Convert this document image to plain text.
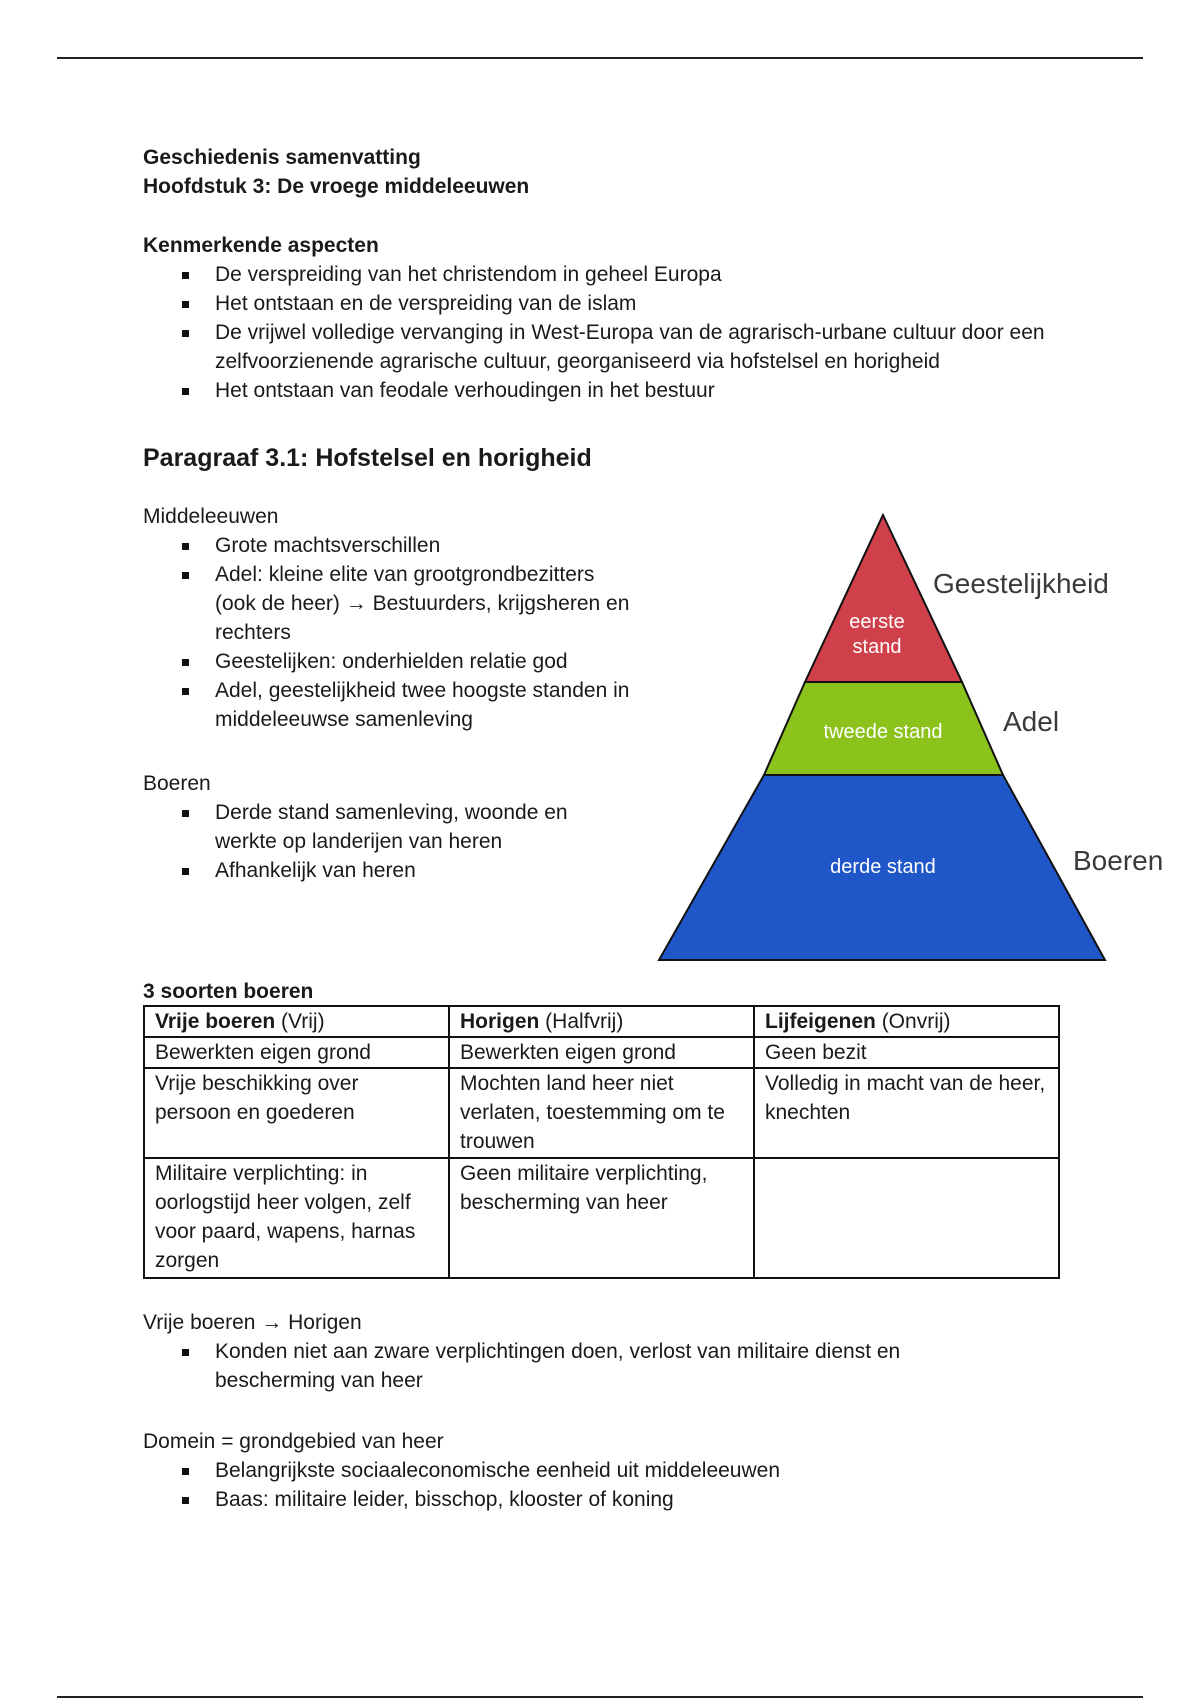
Geschiedenis samenvatting
Hoofdstuk 3: De vroege middeleeuwen
Kenmerkende aspecten
De verspreiding van het christendom in geheel Europa
Het ontstaan en de verspreiding van de islam
De vrijwel volledige vervanging in West-Europa van de agrarisch-urbane cultuur door een zelfvoorzienende agrarische cultuur, georganiseerd via hofstelsel en horigheid
Het ontstaan van feodale verhoudingen in het bestuur
Paragraaf 3.1: Hofstelsel en horigheid
Middeleeuwen
Grote machtsverschillen
Adel: kleine elite van grootgrondbezitters (ook de heer) → Bestuurders, krijgsheren en rechters
Geestelijken: onderhielden relatie god
Adel, geestelijkheid twee hoogste standen in middeleeuwse samenleving
Boeren
Derde stand samenleving, woonde en werkte op landerijen van heren
Afhankelijk van heren
eerste
stand
tweede stand
derde stand
Geestelijkheid
Adel
Boeren
3 soorten boeren
Vrije boeren (Vrij)	Horigen (Halfvrij)	Lijfeigenen (Onvrij)
Bewerkten eigen grond	Bewerkten eigen grond	Geen bezit
Vrije beschikking over persoon en goederen	Mochten land heer niet verlaten, toestemming om te trouwen	Volledig in macht van de heer, knechten
Militaire verplichting: in oorlogstijd heer volgen, zelf voor paard, wapens, harnas zorgen	Geen militaire verplichting, bescherming van heer	
Vrije boeren → Horigen
Konden niet aan zware verplichtingen doen, verlost van militaire dienst en bescherming van heer
Domein = grondgebied van heer
Belangrijkste sociaaleconomische eenheid uit middeleeuwen
Baas: militaire leider, bisschop, klooster of koning
